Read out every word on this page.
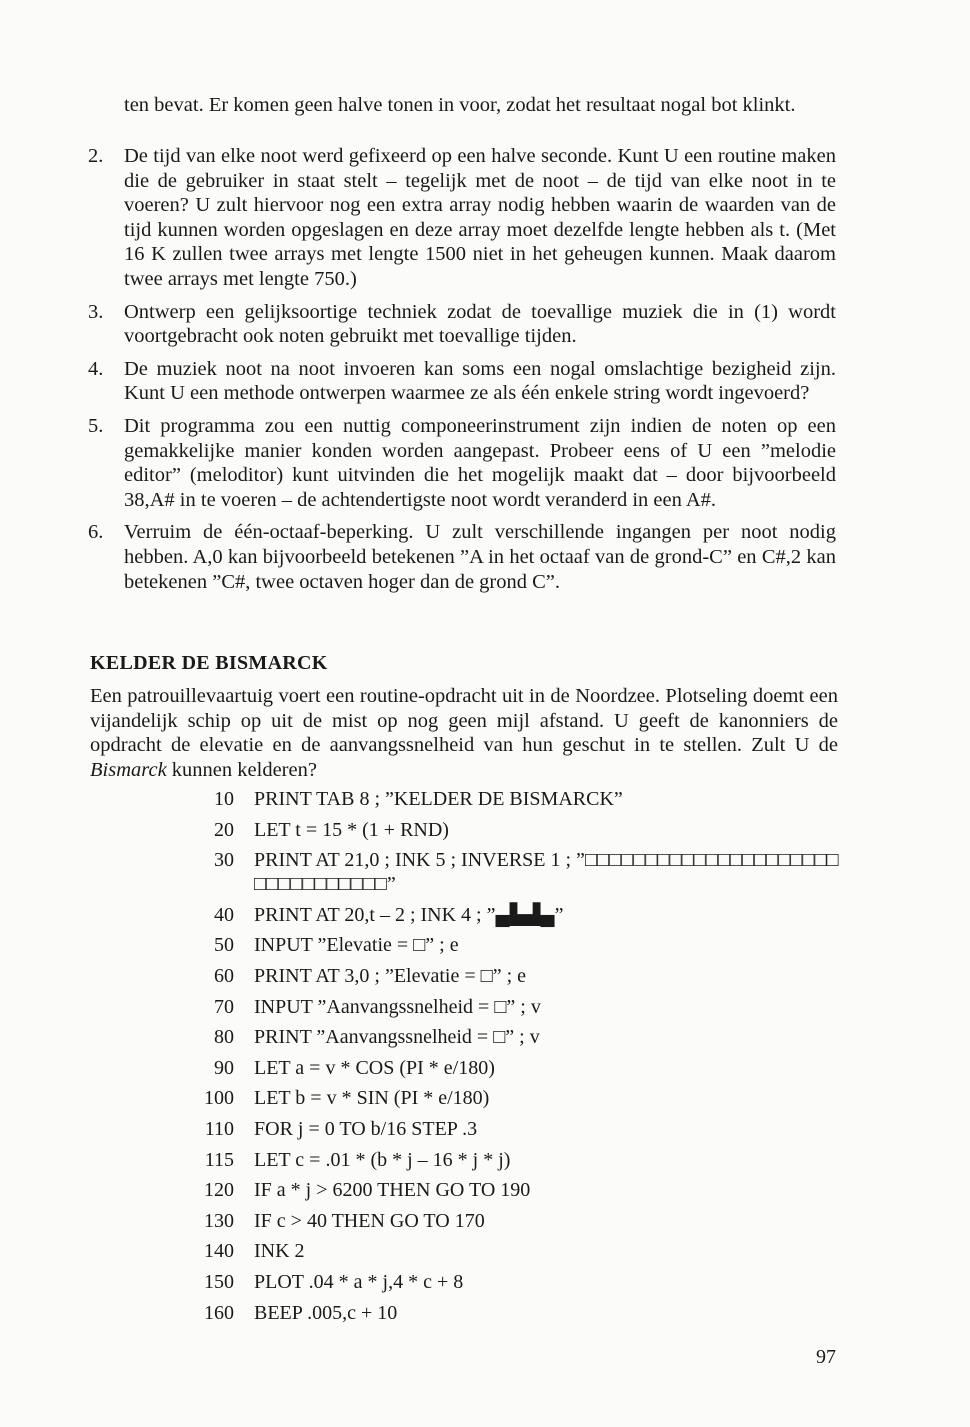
ten bevat. Er komen geen halve tonen in voor, zodat het resultaat nogal bot klinkt.
2.	De tijd van elke noot werd gefixeerd op een halve seconde. Kunt U een routine maken die de gebruiker in staat stelt – tegelijk met de noot – de tijd van elke noot in te voeren? U zult hiervoor nog een extra array nodig hebben waarin de waarden van de tijd kunnen worden opgeslagen en deze array moet dezelfde lengte hebben als t. (Met 16 K zullen twee arrays met lengte 1500 niet in het geheugen kunnen. Maak daarom twee arrays met lengte 750.)
3.	Ontwerp een gelijksoortige techniek zodat de toevallige muziek die in (1) wordt voortgebracht ook noten gebruikt met toevallige tijden.
4.	De muziek noot na noot invoeren kan soms een nogal omslachtige bezigheid zijn. Kunt U een methode ontwerpen waarmee ze als één enkele string wordt ingevoerd?
5.	Dit programma zou een nuttig componeerinstrument zijn indien de noten op een gemakkelijke manier konden worden aangepast. Probeer eens of U een ”melodie editor” (meloditor) kunt uitvinden die het mogelijk maakt dat – door bijvoorbeeld 38,A# in te voeren – de achtendertigste noot wordt veranderd in een A#.
6.	Verruim de één-octaaf-beperking. U zult verschillende ingangen per noot nodig hebben. A,0 kan bijvoorbeeld betekenen ”A in het octaaf van de grond-C” en C#,2 kan betekenen ”C#, twee octaven hoger dan de grond C”.
KELDER DE BISMARCK
Een patrouillevaartuig voert een routine-opdracht uit in de Noordzee. Plotseling doemt een vijandelijk schip op uit de mist op nog geen mijl afstand. U geeft de kanonniers de opdracht de elevatie en de aanvangssnelheid van hun geschut in te stellen. Zult U de Bismarck kunnen kelderen?
10 PRINT TAB 8 ; ”KELDER DE BISMARCK”
20 LET t = 15 * (1 + RND)
30 PRINT AT 21,0 ; INK 5 ; INVERSE 1 ; ”□□□□□□□□□□□□□□□□□□□□□□□□□□□□□□□□”
40 PRINT AT 20,t – 2 ; INK 4 ; ”▄▙▟▄”
50 INPUT ”Elevatie = □” ; e
60 PRINT AT 3,0 ; ”Elevatie = □” ; e
70 INPUT ”Aanvangssnelheid = □” ; v
80 PRINT ”Aanvangssnelheid = □” ; v
90 LET a = v * COS (PI * e/180)
100 LET b = v * SIN (PI * e/180)
110 FOR j = 0 TO b/16 STEP .3
115 LET c = .01 * (b * j – 16 * j * j)
120 IF a * j > 6200 THEN GO TO 190
130 IF c > 40 THEN GO TO 170
140 INK 2
150 PLOT .04 * a * j,4 * c + 8
160 BEEP .005,c + 10
97
